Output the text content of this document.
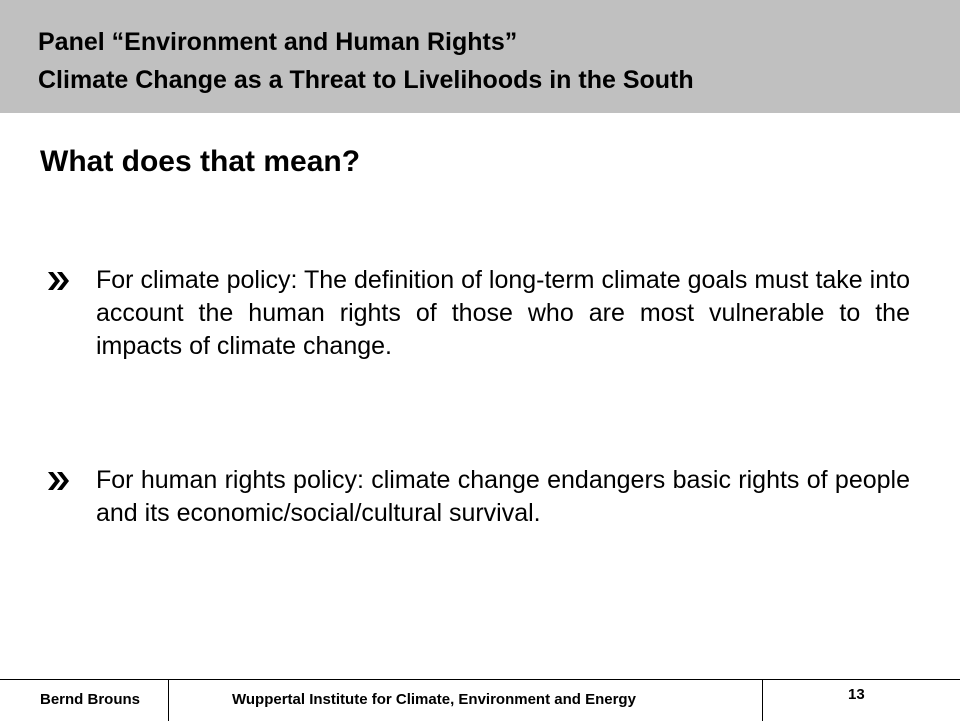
Panel “Environment and Human Rights”
Climate Change as a Threat to Livelihoods in the South
What does that mean?
For climate policy: The definition of long-term climate goals must take into account the human rights of those who are most vulnerable to the impacts of climate change.
For human rights policy: climate change endangers basic rights of people and its economic/social/cultural survival.
Bernd Brouns	Wuppertal Institute for Climate, Environment and Energy	13
